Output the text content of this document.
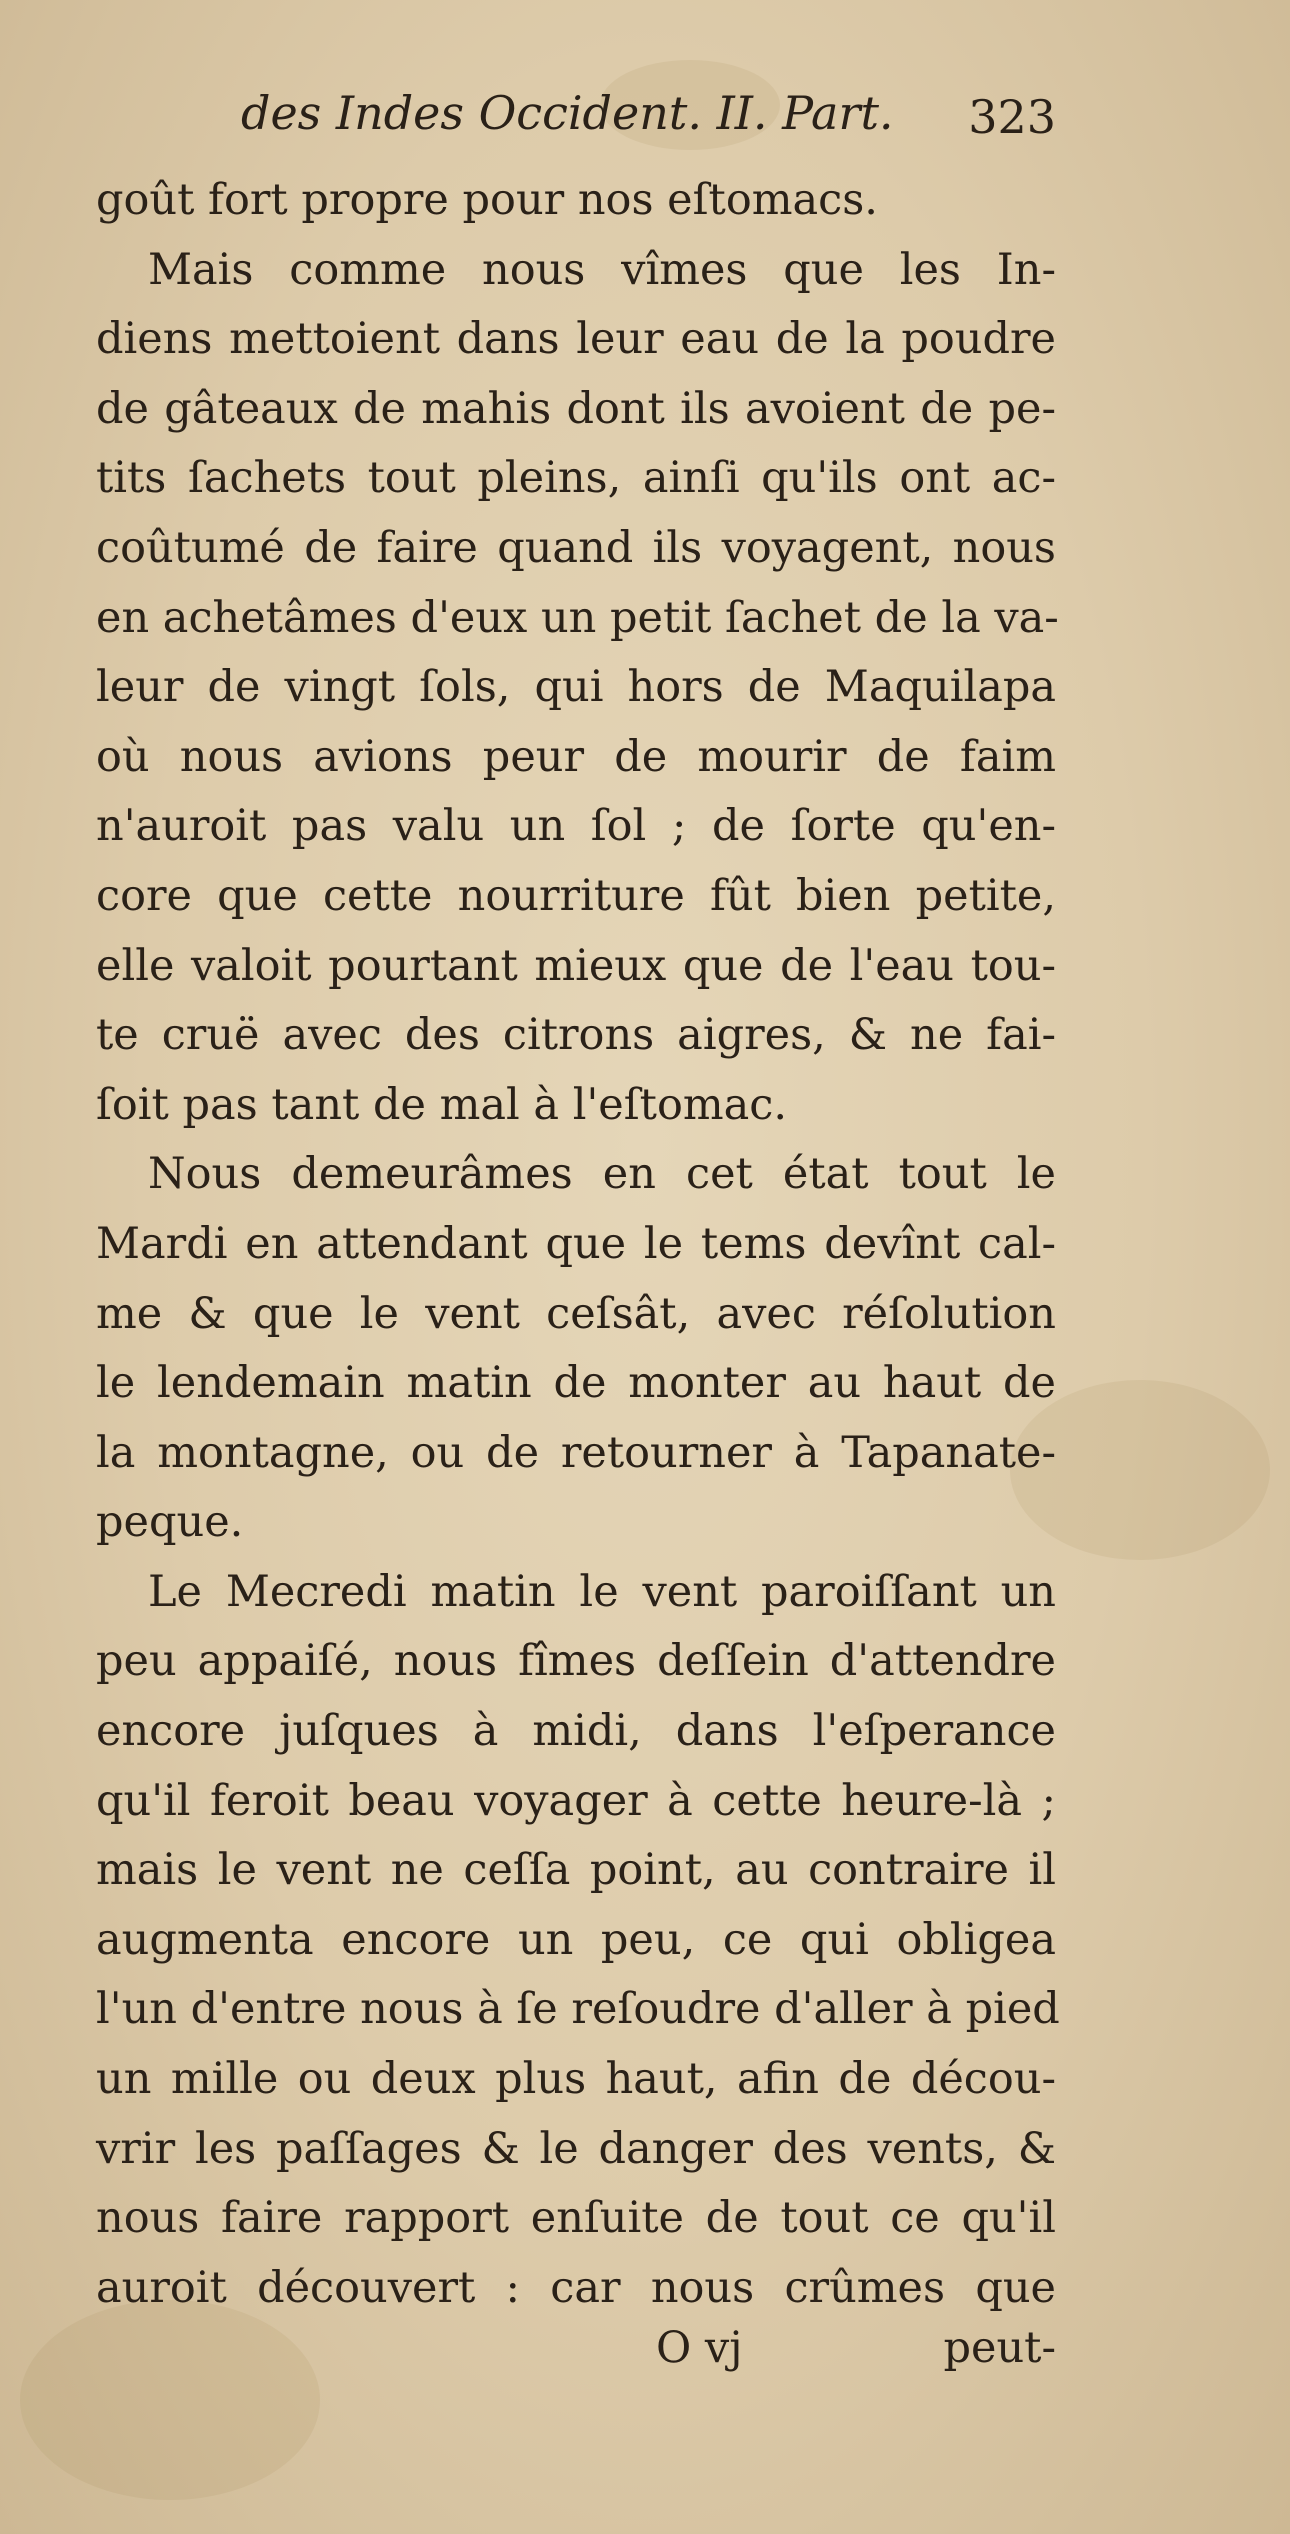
des Indes Occident. II. Part. 323
goût fort propre pour nos eſtomacs.
Mais comme nous vîmes que les In-
diens mettoient dans leur eau de la poudre
de gâteaux de mahis dont ils avoient de pe-
tits ſachets tout pleins, ainſi qu'ils ont ac-
coûtumé de faire quand ils voyagent, nous
en achetâmes d'eux un petit ſachet de la va-
leur de vingt ſols, qui hors de Maquilapa
où nous avions peur de mourir de faim
n'auroit pas valu un ſol ; de ſorte qu'en-
core que cette nourriture fût bien petite,
elle valoit pourtant mieux que de l'eau tou-
te cruë avec des citrons aigres, & ne fai-
ſoit pas tant de mal à l'eſtomac.
Nous demeurâmes en cet état tout le
Mardi en attendant que le tems devînt cal-
me & que le vent ceſsât, avec réſolution
le lendemain matin de monter au haut de
la montagne, ou de retourner à Tapanate-
peque.
Le Mecredi matin le vent paroiſſant un
peu appaiſé, nous fîmes deſſein d'attendre
encore juſques à midi, dans l'eſperance
qu'il feroit beau voyager à cette heure-là ;
mais le vent ne ceſſa point, au contraire il
augmenta encore un peu, ce qui obligea
l'un d'entre nous à ſe reſoudre d'aller à pied
un mille ou deux plus haut, afin de décou-
vrir les paſſages & le danger des vents, &
nous faire rapport enſuite de tout ce qu'il
auroit découvert : car nous crûmes que
O vj	peut-
